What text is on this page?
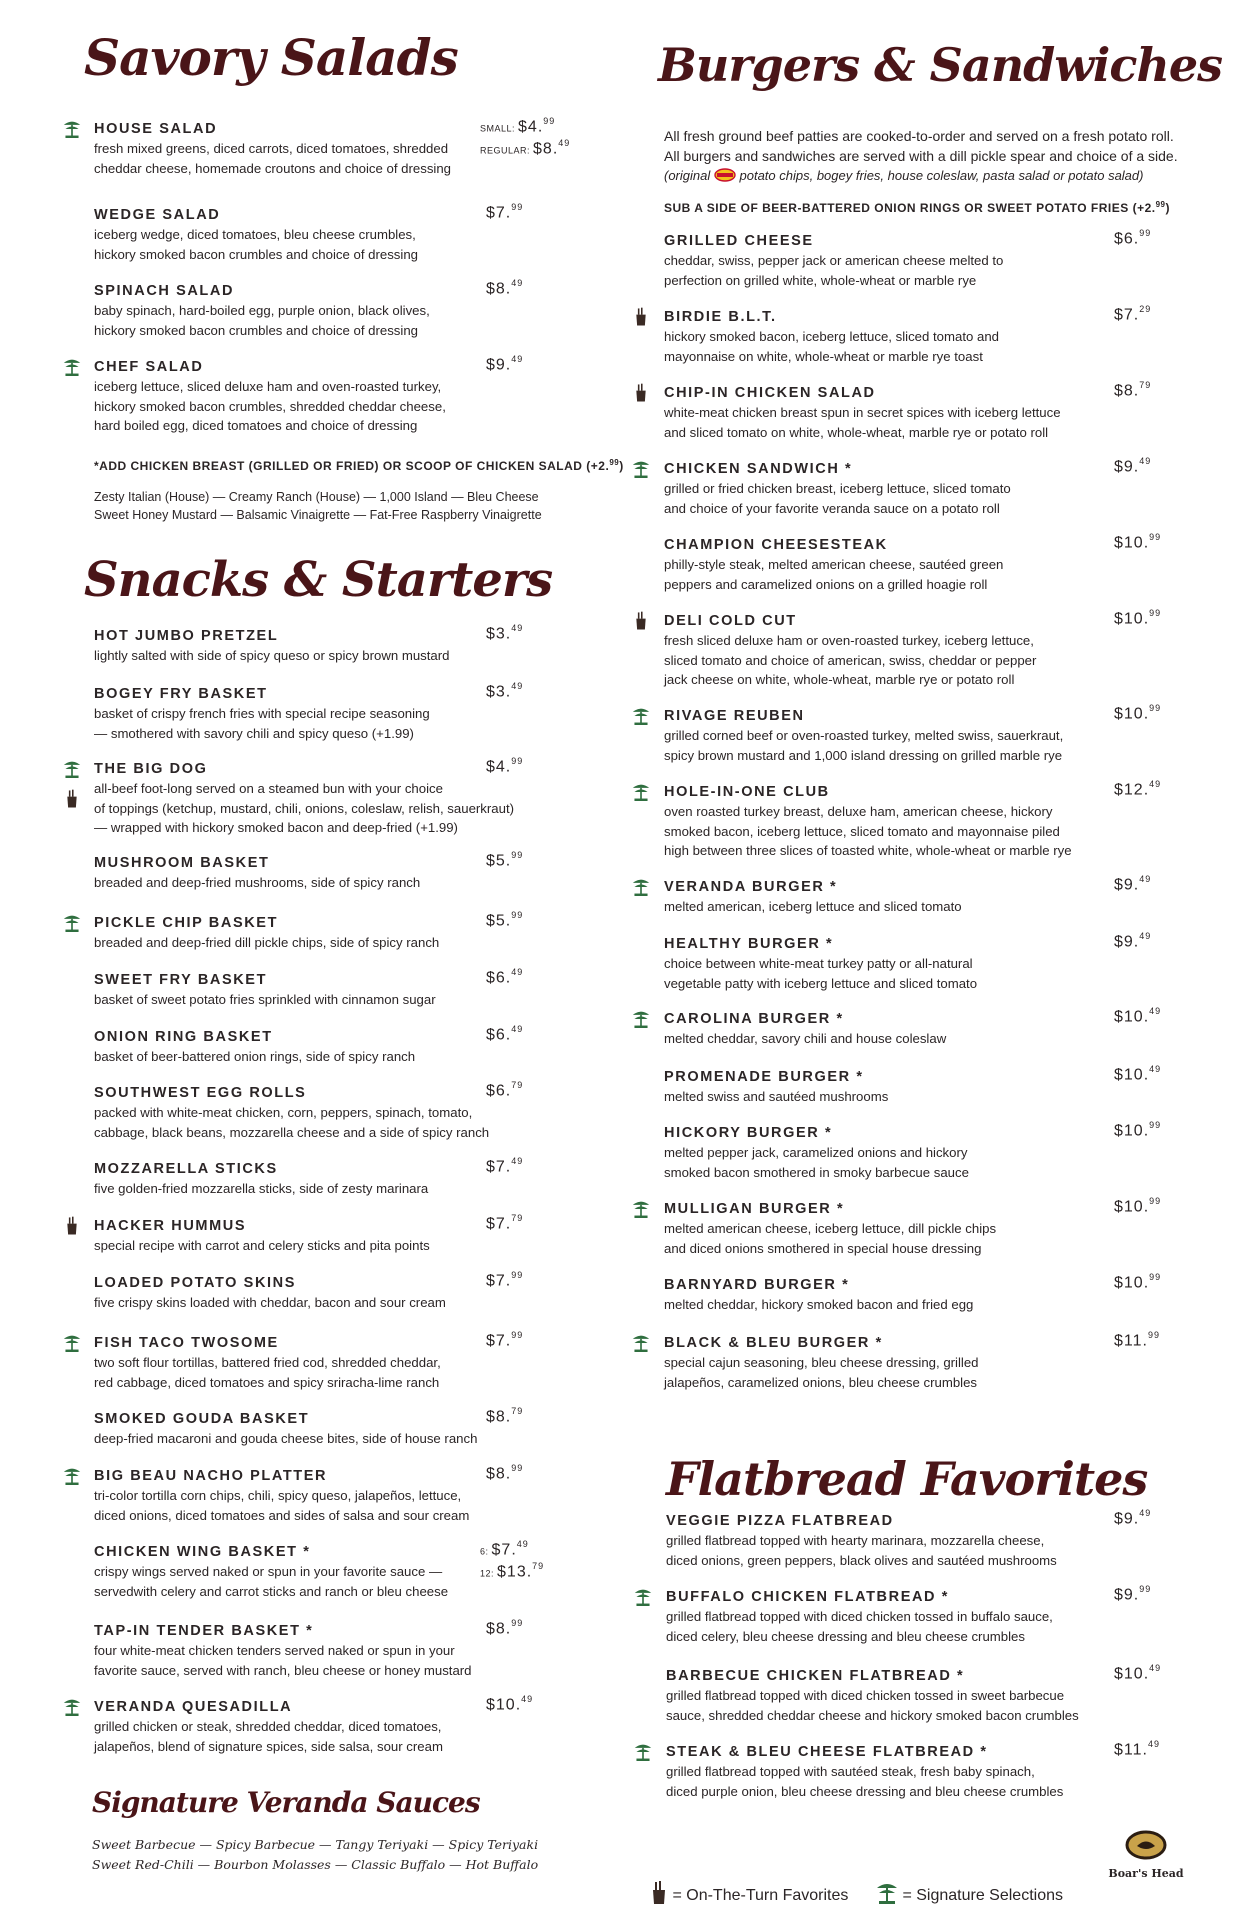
Savory Salads
HOUSE SALAD
fresh mixed greens, diced carrots, diced tomatoes, shredded
cheddar cheese, homemade croutons and choice of dressing
SMALL: $4.99
REGULAR: $8.49
WEDGE SALAD
iceberg wedge, diced tomatoes, bleu cheese crumbles,
hickory smoked bacon crumbles and choice of dressing
$7.99
SPINACH SALAD
baby spinach, hard-boiled egg, purple onion, black olives,
hickory smoked bacon crumbles and choice of dressing
$8.49
CHEF SALAD
iceberg lettuce, sliced deluxe ham and oven-roasted turkey,
hickory smoked bacon crumbles, shredded cheddar cheese,
hard boiled egg, diced tomatoes and choice of dressing
$9.49
*ADD CHICKEN BREAST (GRILLED OR FRIED) OR SCOOP OF CHICKEN SALAD (+2.99)
Zesty Italian (House) — Creamy Ranch (House) — 1,000 Island — Bleu Cheese
Sweet Honey Mustard — Balsamic Vinaigrette — Fat-Free Raspberry Vinaigrette
Snacks & Starters
HOT JUMBO PRETZEL
lightly salted with side of spicy queso or spicy brown mustard
$3.49
BOGEY FRY BASKET
basket of crispy french fries with special recipe seasoning
— smothered with savory chili and spicy queso (+1.99)
$3.49
THE BIG DOG
all-beef foot-long served on a steamed bun with your choice
of toppings (ketchup, mustard, chili, onions, coleslaw, relish, sauerkraut)
— wrapped with hickory smoked bacon and deep-fried (+1.99)
$4.99
MUSHROOM BASKET
breaded and deep-fried mushrooms, side of spicy ranch
$5.99
PICKLE CHIP BASKET
breaded and deep-fried dill pickle chips, side of spicy ranch
$5.99
SWEET FRY BASKET
basket of sweet potato fries sprinkled with cinnamon sugar
$6.49
ONION RING BASKET
basket of beer-battered onion rings, side of spicy ranch
$6.49
SOUTHWEST EGG ROLLS
packed with white-meat chicken, corn, peppers, spinach, tomato,
cabbage, black beans, mozzarella cheese and a side of spicy ranch
$6.79
MOZZARELLA STICKS
five golden-fried mozzarella sticks, side of zesty marinara
$7.49
HACKER HUMMUS
special recipe with carrot and celery sticks and pita points
$7.79
LOADED POTATO SKINS
five crispy skins loaded with cheddar, bacon and sour cream
$7.99
FISH TACO TWOSOME
two soft flour tortillas, battered fried cod, shredded cheddar,
red cabbage, diced tomatoes and spicy sriracha-lime ranch
$7.99
SMOKED GOUDA BASKET
deep-fried macaroni and gouda cheese bites, side of house ranch
$8.79
BIG BEAU NACHO PLATTER
tri-color tortilla corn chips, chili, spicy queso, jalapeños, lettuce,
diced onions, diced tomatoes and sides of salsa and sour cream
$8.99
CHICKEN WING BASKET *
crispy wings served naked or spun in your favorite sauce —
servedwith celery and carrot sticks and ranch or bleu cheese
6: $7.49
12: $13.79
TAP-IN TENDER BASKET *
four white-meat chicken tenders served naked or spun in your
favorite sauce, served with ranch, bleu cheese or honey mustard
$8.99
VERANDA QUESADILLA
grilled chicken or steak, shredded cheddar, diced tomatoes,
jalapeños, blend of signature spices, side salsa, sour cream
$10.49
Signature Veranda Sauces
Sweet Barbecue — Spicy Barbecue — Tangy Teriyaki — Spicy Teriyaki
Sweet Red-Chili — Bourbon Molasses — Classic Buffalo — Hot Buffalo
Burgers & Sandwiches
All fresh ground beef patties are cooked-to-order and served on a fresh potato roll.
All burgers and sandwiches are served with a dill pickle spear and choice of a side.
(original potato chips, bogey fries, house coleslaw, pasta salad or potato salad)
SUB A SIDE OF BEER-BATTERED ONION RINGS OR SWEET POTATO FRIES (+2.99)
GRILLED CHEESE
cheddar, swiss, pepper jack or american cheese melted to
perfection on grilled white, whole-wheat or marble rye
$6.99
BIRDIE B.L.T.
hickory smoked bacon, iceberg lettuce, sliced tomato and
mayonnaise on white, whole-wheat or marble rye toast
$7.29
CHIP-IN CHICKEN SALAD
white-meat chicken breast spun in secret spices with iceberg lettuce
and sliced tomato on white, whole-wheat, marble rye or potato roll
$8.79
CHICKEN SANDWICH *
grilled or fried chicken breast, iceberg lettuce, sliced tomato
and choice of your favorite veranda sauce on a potato roll
$9.49
CHAMPION CHEESESTEAK
philly-style steak, melted american cheese, sautéed green
peppers and caramelized onions on a grilled hoagie roll
$10.99
DELI COLD CUT
fresh sliced deluxe ham or oven-roasted turkey, iceberg lettuce,
sliced tomato and choice of american, swiss, cheddar or pepper
jack cheese on white, whole-wheat, marble rye or potato roll
$10.99
RIVAGE REUBEN
grilled corned beef or oven-roasted turkey, melted swiss, sauerkraut,
spicy brown mustard and 1,000 island dressing on grilled marble rye
$10.99
HOLE-IN-ONE CLUB
oven roasted turkey breast, deluxe ham, american cheese, hickory
smoked bacon, iceberg lettuce, sliced tomato and mayonnaise piled
high between three slices of toasted white, whole-wheat or marble rye
$12.49
VERANDA BURGER *
melted american, iceberg lettuce and sliced tomato
$9.49
HEALTHY BURGER *
choice between white-meat turkey patty or all-natural
vegetable patty with iceberg lettuce and sliced tomato
$9.49
CAROLINA BURGER *
melted cheddar, savory chili and house coleslaw
$10.49
PROMENADE BURGER *
melted swiss and sautéed mushrooms
$10.49
HICKORY BURGER *
melted pepper jack, caramelized onions and hickory
smoked bacon smothered in smoky barbecue sauce
$10.99
MULLIGAN BURGER *
melted american cheese, iceberg lettuce, dill pickle chips
and diced onions smothered in special house dressing
$10.99
BARNYARD BURGER *
melted cheddar, hickory smoked bacon and fried egg
$10.99
BLACK & BLEU BURGER *
special cajun seasoning, bleu cheese dressing, grilled
jalapeños, caramelized onions, bleu cheese crumbles
$11.99
Flatbread Favorites
VEGGIE PIZZA FLATBREAD
grilled flatbread topped with hearty marinara, mozzarella cheese,
diced onions, green peppers, black olives and sautéed mushrooms
$9.49
BUFFALO CHICKEN FLATBREAD *
grilled flatbread topped with diced chicken tossed in buffalo sauce,
diced celery, bleu cheese dressing and bleu cheese crumbles
$9.99
BARBECUE CHICKEN FLATBREAD *
grilled flatbread topped with diced chicken tossed in sweet barbecue
sauce, shredded cheddar cheese and hickory smoked bacon crumbles
$10.49
STEAK & BLEU CHEESE FLATBREAD *
grilled flatbread topped with sautéed steak, fresh baby spinach,
diced purple onion, bleu cheese dressing and bleu cheese crumbles
$11.49
= On-The-Turn Favorites	= Signature Selections
Boar's Head
